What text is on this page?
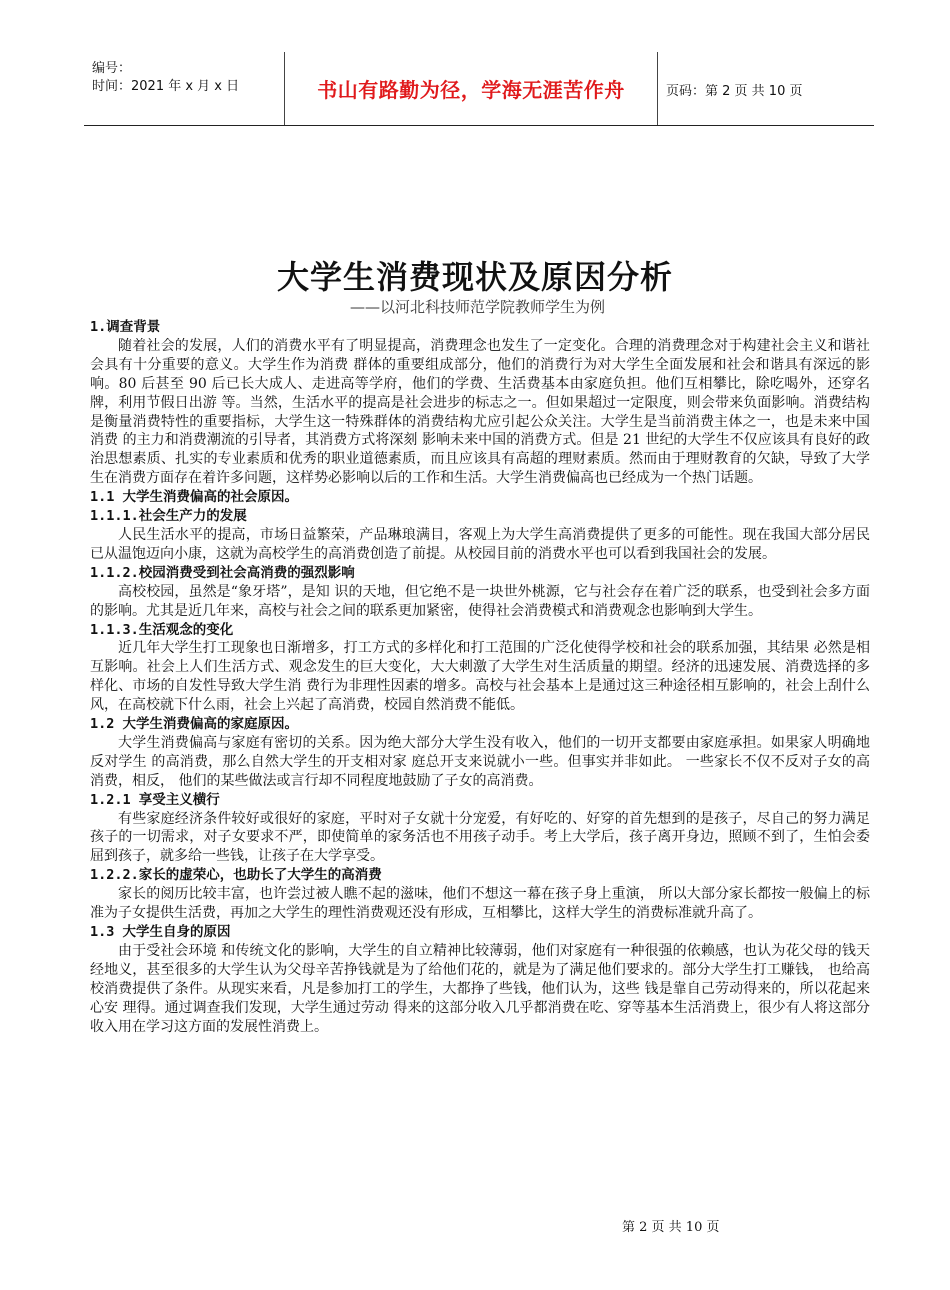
编号：
时间：2021 年 x 月 x 日	书山有路勤为径，学海无涯苦作舟	页码：第 2 页 共 10 页
大学生消费现状及原因分析
——以河北科技师范学院教师学生为例
1.调查背景

随着社会的发展，人们的消费水平有了明显提高，消费理念也发生了一定变化。合理的消费理念对于构建社会主义和谐社会具有十分重要的意义。大学生作为消费 群体的重要组成部分，他们的消费行为对大学生全面发展和社会和谐具有深远的影响。80 后甚至 90 后已长大成人、走进高等学府，他们的学费、生活费基本由家庭负担。他们互相攀比，除吃喝外，还穿名牌，利用节假日出游 等。当然，生活水平的提高是社会进步的标志之一。但如果超过一定限度，则会带来负面影响。消费结构是衡量消费特性的重要指标，大学生这一特殊群体的消费结构尤应引起公众关注。大学生是当前消费主体之一，也是未来中国消费 的主力和消费潮流的引导者，其消费方式将深刻 影响未来中国的消费方式。但是 21 世纪的大学生不仅应该具有良好的政治思想素质、扎实的专业素质和优秀的职业道德素质，而且应该具有高超的理财素质。然而由于理财教育的欠缺，导致了大学生在消费方面存在着许多问题，这样势必影响以后的工作和生活。大学生消费偏高也已经成为一个热门话题。

1.1 大学生消费偏高的社会原因。
1.1.1.社会生产力的发展

人民生活水平的提高，市场日益繁荣，产品琳琅满目，客观上为大学生高消费提供了更多的可能性。现在我国大部分居民已从温饱迈向小康，这就为高校学生的高消费创造了前提。从校园目前的消费水平也可以看到我国社会的发展。

1.1.2.校园消费受到社会高消费的强烈影响

高校校园，虽然是“象牙塔”，是知 识的天地，但它绝不是一块世外桃源，它与社会存在着广泛的联系，也受到社会多方面的影响。尤其是近几年来，高校与社会之间的联系更加紧密，使得社会消费模式和消费观念也影响到大学生。

1.1.3.生活观念的变化

近几年大学生打工现象也日渐增多，打工方式的多样化和打工范围的广泛化使得学校和社会的联系加强，其结果 必然是相互影响。社会上人们生活方式、观念发生的巨大变化，大大刺激了大学生对生活质量的期望。经济的迅速发展、消费选择的多样化、市场的自发性导致大学生消 费行为非理性因素的增多。高校与社会基本上是通过这三种途径相互影响的，社会上刮什么风，在高校就下什么雨，社会上兴起了高消费，校园自然消费不能低。

1.2 大学生消费偏高的家庭原因。

大学生消费偏高与家庭有密切的关系。因为绝大部分大学生没有收入，他们的一切开支都要由家庭承担。如果家人明确地反对学生 的高消费，那么自然大学生的开支相对家 庭总开支来说就小一些。但事实并非如此。 一些家长不仅不反对子女的高消费，相反， 他们的某些做法或言行却不同程度地鼓励了子女的高消费。

1.2.1 享受主义横行

有些家庭经济条件较好或很好的家庭，平时对子女就十分宠爱，有好吃的、好穿的首先想到的是孩子，尽自己的努力满足孩子的一切需求，对子女要求不严，即使简单的家务活也不用孩子动手。考上大学后，孩子离开身边，照顾不到了，生怕会委屈到孩子，就多给一些钱，让孩子在大学享受。

1.2.2.家长的虚荣心，也助长了大学生的高消费

家长的阅历比较丰富，也许尝过被人瞧不起的滋味，他们不想这一幕在孩子身上重演， 所以大部分家长都按一般偏上的标准为子女提供生活费，再加之大学生的理性消费观还没有形成，互相攀比，这样大学生的消费标准就升高了。

1.3 大学生自身的原因

由于受社会环境 和传统文化的影响，大学生的自立精神比较薄弱，他们对家庭有一种很强的依赖感，也认为花父母的钱天经地义，甚至很多的大学生认为父母辛苦挣钱就是为了给他们花的，就是为了满足他们要求的。部分大学生打工赚钱， 也给高校消费提供了条件。从现实来看，凡是参加打工的学生，大都挣了些钱，他们认为，这些 钱是靠自己劳动得来的，所以花起来心安 理得。通过调查我们发现，大学生通过劳动 得来的这部分收入几乎都消费在吃、穿等基本生活消费上，很少有人将这部分收入用在学习这方面的发展性消费上。

第 2 页 共 10 页
